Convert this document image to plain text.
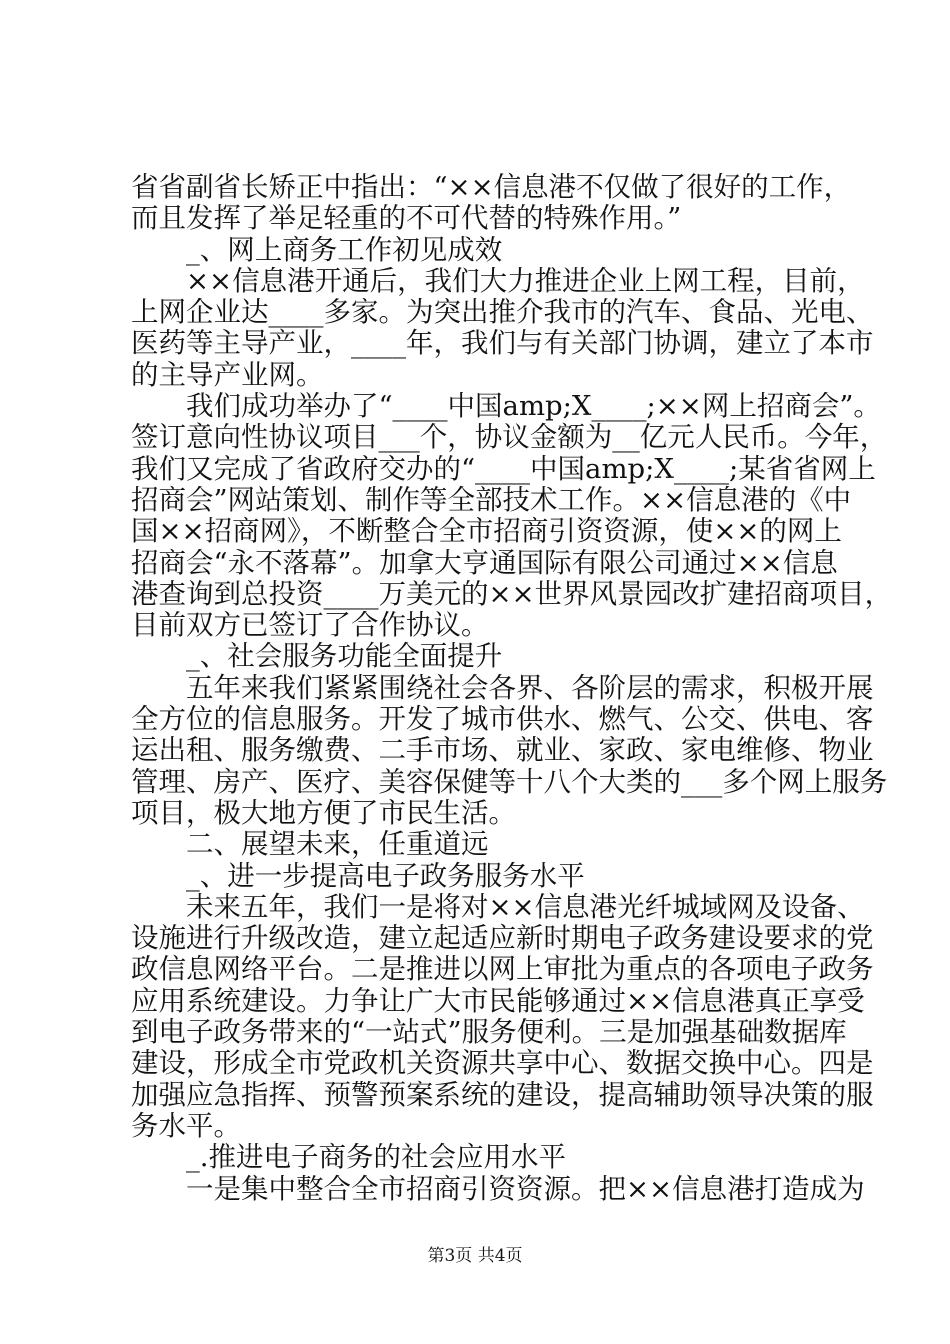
省省副省长矫正中指出：“××信息港不仅做了很好的工作，
而且发挥了举足轻重的不可代替的特殊作用。”
　　_、网上商务工作初见成效
　　××信息港开通后，我们大力推进企业上网工程，目前，
上网企业达____多家。为突出推介我市的汽车、食品、光电、
医药等主导产业，____年，我们与有关部门协调，建立了本市
的主导产业网。
　　我们成功举办了“____中国amp;X____;××网上招商会”。
签订意向性协议项目___个，协议金额为__亿元人民币。今年，
我们又完成了省政府交办的“____中国amp;X____;某省省网上
招商会”网站策划、制作等全部技术工作。××信息港的《中
国××招商网》，不断整合全市招商引资资源，使××的网上
招商会“永不落幕”。加拿大亨通国际有限公司通过××信息
港查询到总投资____万美元的××世界风景园改扩建招商项目，
目前双方已签订了合作协议。
　　_、社会服务功能全面提升
　　五年来我们紧紧围绕社会各界、各阶层的需求，积极开展
全方位的信息服务。开发了城市供水、燃气、公交、供电、客
运出租、服务缴费、二手市场、就业、家政、家电维修、物业
管理、房产、医疗、美容保健等十八个大类的___多个网上服务
项目，极大地方便了市民生活。
　　二、展望未来，任重道远
　　_、进一步提高电子政务服务水平
　　未来五年，我们一是将对××信息港光纤城域网及设备、
设施进行升级改造，建立起适应新时期电子政务建设要求的党
政信息网络平台。二是推进以网上审批为重点的各项电子政务
应用系统建设。力争让广大市民能够通过××信息港真正享受
到电子政务带来的“一站式”服务便利。三是加强基础数据库
建设，形成全市党政机关资源共享中心、数据交换中心。四是
加强应急指挥、预警预案系统的建设，提高辅助领导决策的服
务水平。
　　_.推进电子商务的社会应用水平
　　一是集中整合全市招商引资资源。把××信息港打造成为
第3页 共4页
